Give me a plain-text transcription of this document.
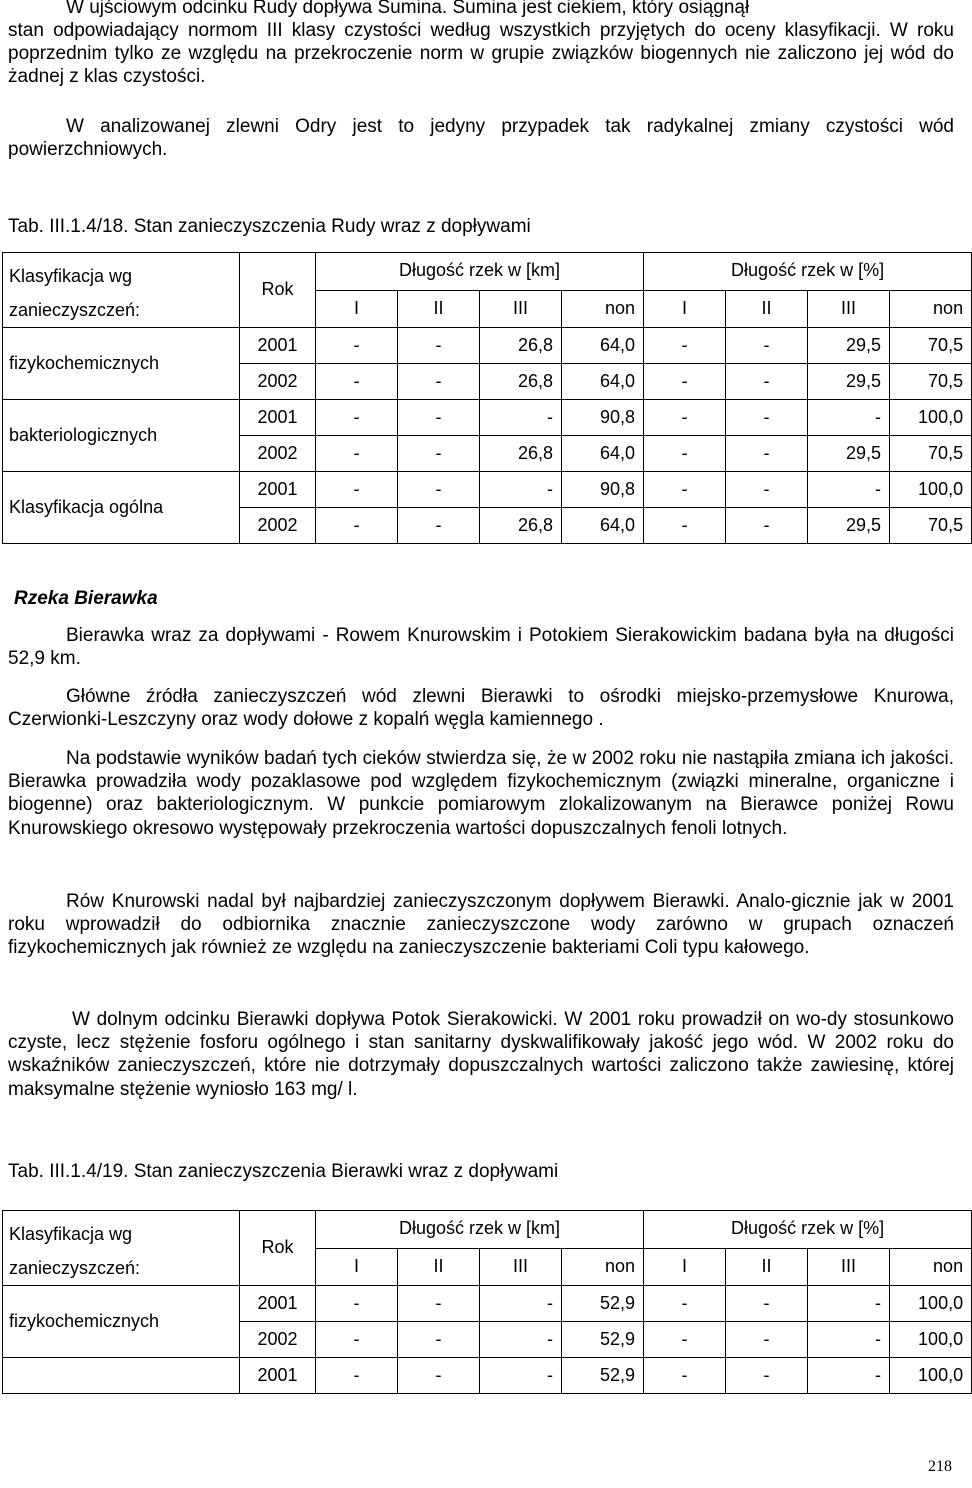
W ujściowym odcinku Rudy dopływa Sumina. Sumina jest ciekiem, który osiągnął

stan odpowiadający normom III klasy czystości według wszystkich przyjętych do oceny klasyfikacji. W roku poprzednim tylko ze względu na przekroczenie norm w grupie związków biogennych nie zaliczono jej wód do żadnej z klas czystości.

W analizowanej zlewni Odry jest to jedyny przypadek tak radykalnej zmiany czystości wód powierzchniowych.

Tab. III.1.4/18. Stan zanieczyszczenia Rudy wraz z dopływami

Klasyfikacja wg
zanieczyszczeń:	Rok	Długość rzek w [km]				Długość rzek w [%]			
		I	II	III	non	I	II	III	non
fizykochemicznych	2001	-	-	26,8	64,0	-	-	29,5	70,5
	2002	-	-	26,8	64,0	-	-	29,5	70,5
bakteriologicznych	2001	-	-	-	90,8	-	-	-	100,0
	2002	-	-	26,8	64,0	-	-	29,5	70,5
Klasyfikacja ogólna	2001	-	-	-	90,8	-	-	-	100,0
	2002	-	-	26,8	64,0	-	-	29,5	70,5

Rzeka Bierawka

Bierawka wraz za dopływami - Rowem Knurowskim i Potokiem Sierakowickim badana była na długości 52,9 km.

Główne źródła zanieczyszczeń wód zlewni Bierawki to ośrodki miejsko-przemysłowe Knurowa, Czerwionki-Leszczyny oraz wody dołowe z kopalń węgla kamiennego .

Na podstawie wyników badań tych cieków stwierdza się, że w 2002 roku nie nastąpiła zmiana ich jakości. Bierawka prowadziła wody pozaklasowe pod względem fizykochemicznym (związki mineralne, organiczne i biogenne) oraz bakteriologicznym. W punkcie pomiarowym zlokalizowanym na Bierawce poniżej Rowu Knurowskiego okresowo występowały przekroczenia wartości dopuszczalnych fenoli lotnych.

Rów Knurowski nadal był najbardziej zanieczyszczonym dopływem Bierawki. Analo-gicznie jak w 2001 roku wprowadził do odbiornika znacznie zanieczyszczone wody zarówno w grupach oznaczeń fizykochemicznych jak również ze względu na zanieczyszczenie bakteriami Coli typu kałowego.

W dolnym odcinku Bierawki dopływa Potok Sierakowicki. W 2001 roku prowadził on wo-dy stosunkowo czyste, lecz stężenie fosforu ogólnego i stan sanitarny dyskwalifikowały jakość jego wód. W 2002 roku do wskaźników zanieczyszczeń, które nie dotrzymały dopuszczalnych wartości zaliczono także zawiesinę, której maksymalne stężenie wyniosło 163 mg/ l.

Tab. III.1.4/19. Stan zanieczyszczenia Bierawki wraz z dopływami

Klasyfikacja wg
zanieczyszczeń:	Rok	Długość rzek w [km]				Długość rzek w [%]			
		I	II	III	non	I	II	III	non
fizykochemicznych	2001	-	-	-	52,9	-	-	-	100,0
	2002	-	-	-	52,9	-	-	-	100,0
	2001	-	-	-	52,9	-	-	-	100,0
218
